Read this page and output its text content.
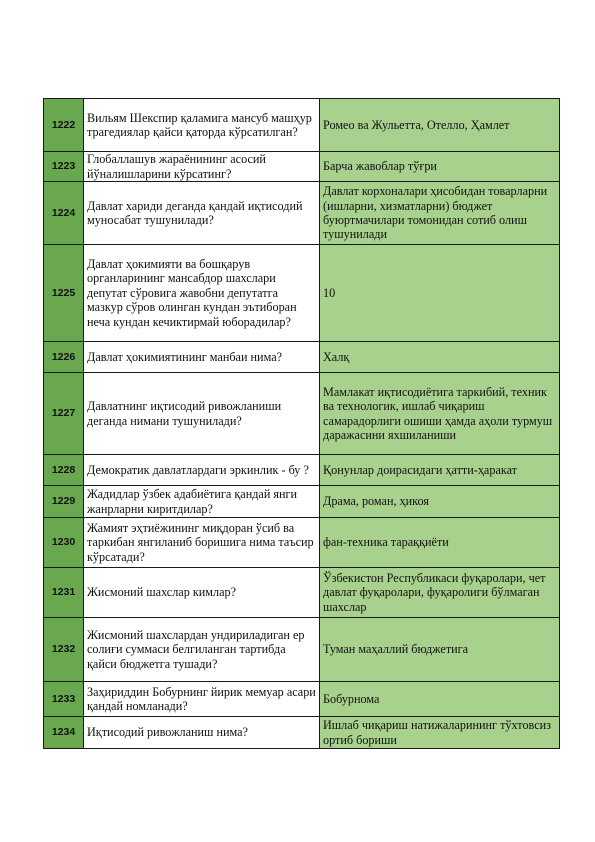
1222	Вильям Шекспир қаламига мансуб машҳур трагедиялар қайси қаторда кўрсатилган?	Ромео ва Жульетта, Отелло, Ҳамлет
1223	Глобаллашув жараёнининг асосий йўналишларини кўрсатинг?	Барча жавоблар тўғри
1224	Давлат хариди деганда қандай иқтисодий муносабат тушунилади?	Давлат корхоналари ҳисобидан товарларни (ишларни, хизматларни) бюджет буюртмачилари томонидан сотиб олиш тушунилади
1225	Давлат ҳокимияти ва бошқарув органларининг мансабдор шахслари депутат сўровига жавобни депутатга мазкур сўров олинган кундан эътиборан неча кундан кечиктирмай юборадилар?	10
1226	Давлат ҳокимиятининг манбаи нима?	Халқ
1227	Давлатнинг иқтисодий ривожланиши деганда нимани тушунилади?	Мамлакат иқтисодиётига таркибий, техник ва технологик, ишлаб чиқариш самарадорлиги ошиши ҳамда аҳоли турмуш даражасини яхшиланиши
1228	Демократик давлатлардаги эркинлик - бу ?	Қонунлар доирасидаги ҳатти-ҳаракат
1229	Жадидлар ўзбек адабиётига қандай янги жанрларни киритдилар?	Драма, роман, ҳикоя
1230	Жамият эҳтиёжининг миқдоран ўсиб ва таркибан янгиланиб боришига нима таъсир кўрсатади?	фан-техника тараққиёти
1231	Жисмоний шахслар кимлар?	Ўзбекистон Республикаси фуқаролари, чет давлат фуқаролари, фуқаролиги бўлмаган шахслар
1232	Жисмоний шахслардан ундириладиган ер солиғи суммаси белгиланган тартибда қайси бюджетга тушади?	Туман маҳаллий бюджетига
1233	Заҳириддин Бобурнинг йирик мемуар асари қандай номланади?	Бобурнома
1234	Иқтисодий ривожланиш нима?	Ишлаб чиқариш натижаларининг тўхтовсиз ортиб бориши
